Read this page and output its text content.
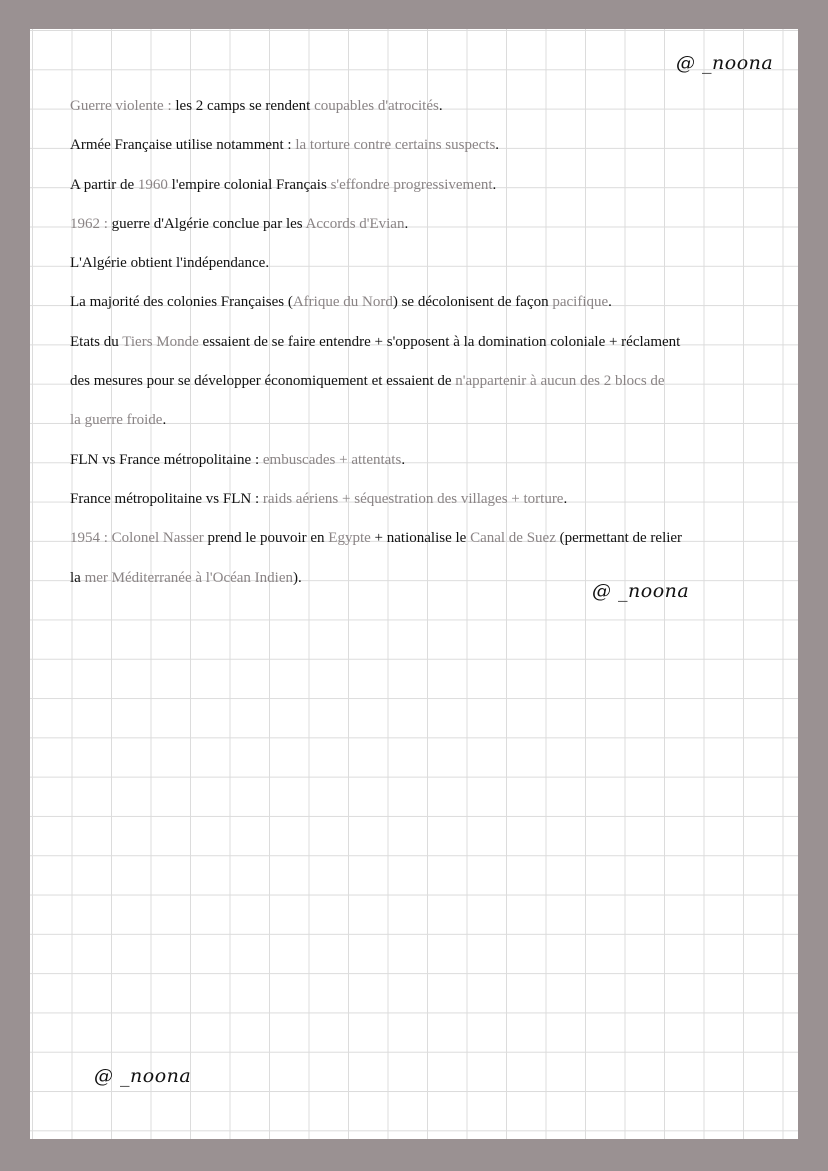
@ _noona
Guerre violente : les 2 camps se rendent coupables d'atrocités.
Armée Française utilise notamment : la torture contre certains suspects.
A partir de 1960 l'empire colonial Français s'effondre progressivement.
1962 : guerre d'Algérie conclue par les Accords d'Evian.
L'Algérie obtient l'indépendance.
La majorité des colonies Françaises (Afrique du Nord) se décolonisent de façon pacifique.
Etats du Tiers Monde essaient de se faire entendre + s'opposent à la domination coloniale + réclament
des mesures pour se développer économiquement et essaient de n'appartenir à aucun des 2 blocs de
la guerre froide.
FLN vs France métropolitaine : embuscades + attentats.
France métropolitaine vs FLN : raids aériens + séquestration des villages + torture.
1954 : Colonel Nasser prend le pouvoir en Egypte + nationalise le Canal de Suez (permettant de relier
la mer Méditerranée à l'Océan Indien).
@ _noona
@ _noona
